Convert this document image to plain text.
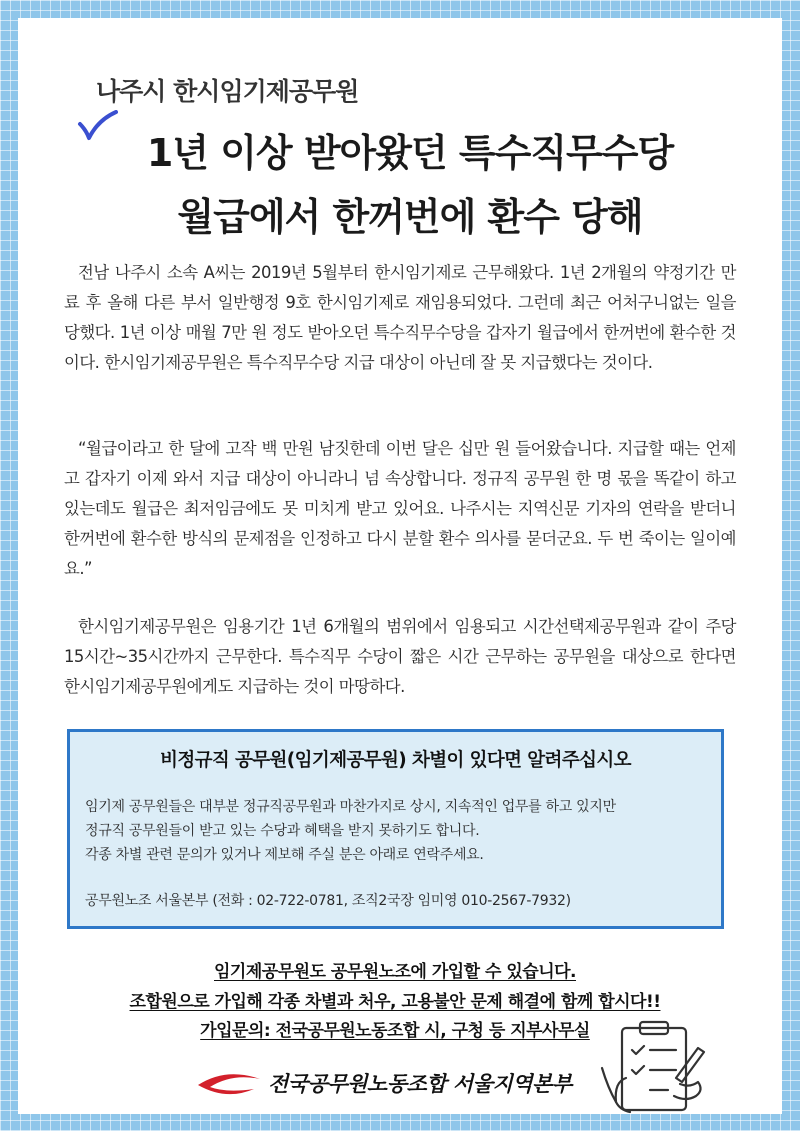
나주시 한시임기제공무원
1년 이상 받아왔던 특수직무수당
월급에서 한꺼번에 환수 당해

전남 나주시 소속 A씨는 2019년 5월부터 한시임기제로 근무해왔다. 1년 2개월의 약정기간 만료 후 올해 다른 부서 일반행정 9호 한시임기제로 재임용되었다. 그런데 최근 어처구니없는 일을 당했다. 1년 이상 매월 7만 원 정도 받아오던 특수직무수당을 갑자기 월급에서 한꺼번에 환수한 것이다. 한시임기제공무원은 특수직무수당 지급 대상이 아닌데 잘 못 지급했다는 것이다.

“월급이라고 한 달에 고작 백 만원 남짓한데 이번 달은 십만 원 들어왔습니다. 지급할 때는 언제고 갑자기 이제 와서 지급 대상이 아니라니 넘 속상합니다. 정규직 공무원 한 명 몫을 똑같이 하고 있는데도 월급은 최저임금에도 못 미치게 받고 있어요. 나주시는 지역신문 기자의 연락을 받더니 한꺼번에 환수한 방식의 문제점을 인정하고 다시 분할 환수 의사를 묻더군요. 두 번 죽이는 일이예요.”

한시임기제공무원은 임용기간 1년 6개월의 범위에서 임용되고 시간선택제공무원과 같이 주당 15시간~35시간까지 근무한다. 특수직무 수당이 짧은 시간 근무하는 공무원을 대상으로 한다면 한시임기제공무원에게도 지급하는 것이 마땅하다.

비정규직 공무원(임기제공무원) 차별이 있다면 알려주십시오

임기제 공무원들은 대부분 정규직공무원과 마찬가지로 상시, 지속적인 업무를 하고 있지만

정규직 공무원들이 받고 있는 수당과 혜택을 받지 못하기도 합니다.

각종 차별 관련 문의가 있거나 제보해 주실 분은 아래로 연락주세요.

공무원노조 서울본부 (전화 : 02-722-0781, 조직2국장 임미영 010-2567-7932)
임기제공무원도 공무원노조에 가입할 수 있습니다.
조합원으로 가입해 각종 차별과 처우, 고용불안 문제 해결에 함께 합시다!!
가입문의: 전국공무원노동조합 시, 구청 등 지부사무실
전국공무원노동조합 서울지역본부
